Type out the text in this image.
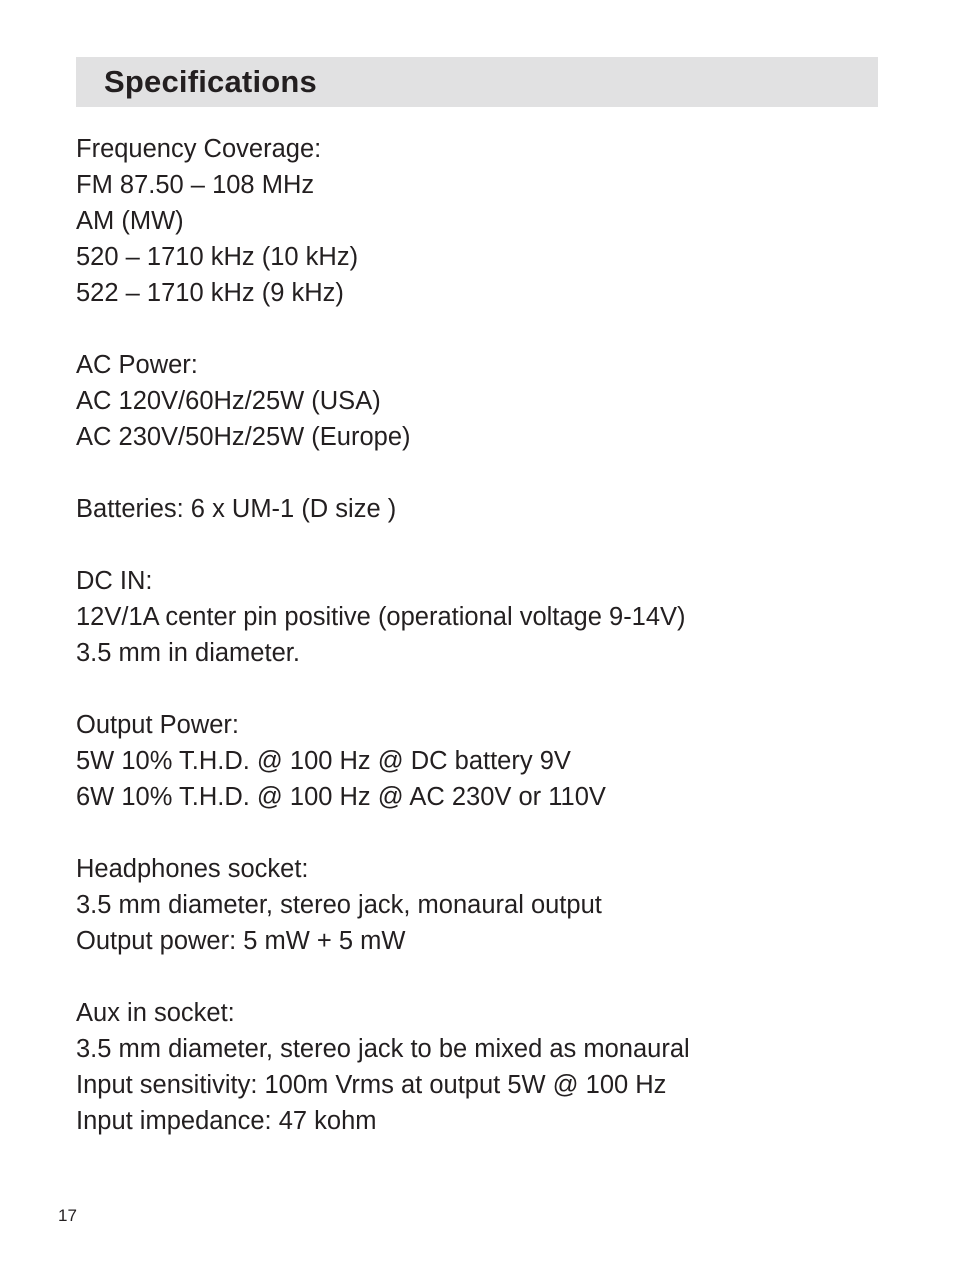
Specifications
Frequency Coverage:
FM 87.50 – 108 MHz
AM (MW)
520 – 1710 kHz (10 kHz)
522 – 1710 kHz (9 kHz)
AC Power:
AC 120V/60Hz/25W (USA)
AC 230V/50Hz/25W (Europe)
Batteries: 6 x UM-1 (D size )
DC IN:
12V/1A center pin positive (operational voltage 9-14V)
3.5 mm in diameter.
Output Power:
5W 10% T.H.D. @ 100 Hz @ DC battery 9V
6W 10% T.H.D. @ 100 Hz @ AC 230V or 110V
Headphones socket:
3.5 mm diameter, stereo jack, monaural output
Output power: 5 mW + 5 mW
Aux in socket:
3.5 mm diameter, stereo jack to be mixed as monaural
Input sensitivity: 100m Vrms at output 5W @ 100 Hz
Input impedance: 47 kohm
17
